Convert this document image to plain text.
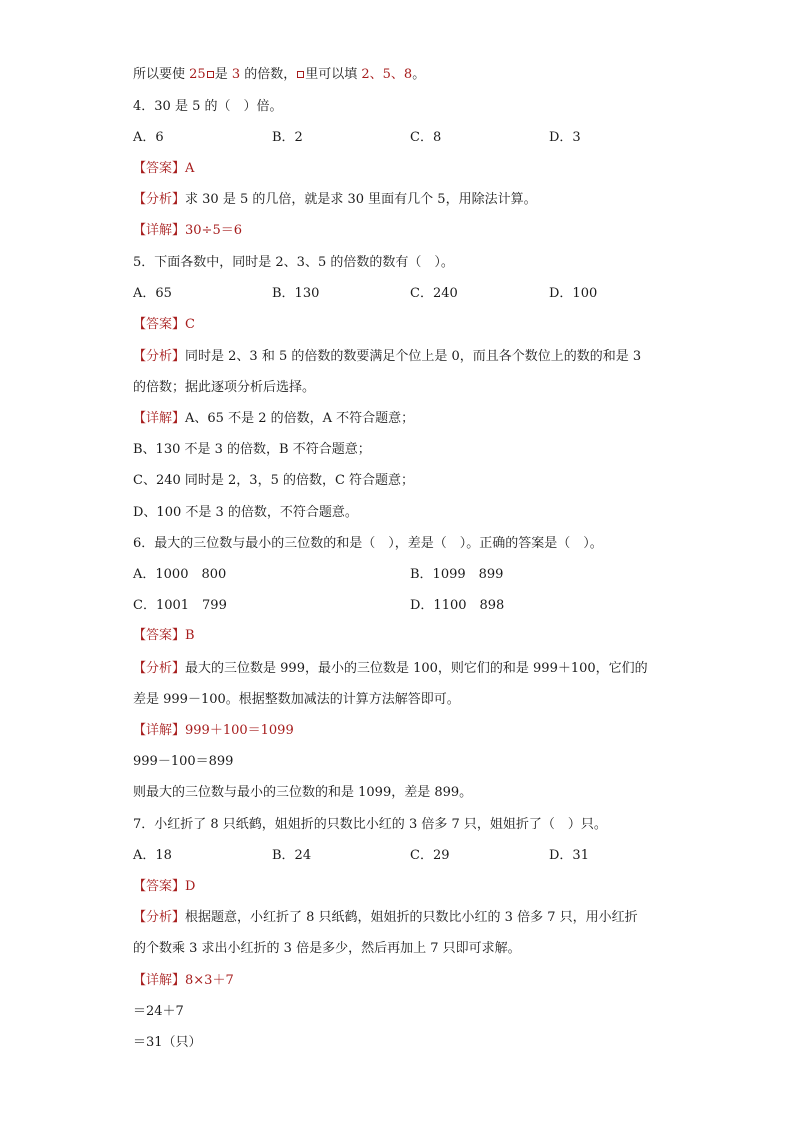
所以要使 25 是 3 的倍数， 里可以填 2、5、8。
4．30 是 5 的（　）倍。
A．6	B．2	C．8	D．3
【答案】A
【分析】求 30 是 5 的几倍，就是求 30 里面有几个 5，用除法计算。
【详解】30÷5＝6
5．下面各数中，同时是 2、3、5 的倍数的数有（　）。
A．65	B．130	C．240	D．100
【答案】C
【分析】同时是 2、3 和 5 的倍数的数要满足个位上是 0，而且各个数位上的数的和是 3
的倍数；据此逐项分析后选择。
【详解】A、65 不是 2 的倍数，A 不符合题意；
B、130 不是 3 的倍数，B 不符合题意；
C、240 同时是 2，3，5 的倍数，C 符合题意；
D、100 不是 3 的倍数，不符合题意。
6．最大的三位数与最小的三位数的和是（　），差是（　）。正确的答案是（　）。
A．1000　800	B．1099　899
C．1001　799	D．1100　898
【答案】B
【分析】最大的三位数是 999，最小的三位数是 100，则它们的和是 999＋100，它们的
差是 999－100。根据整数加减法的计算方法解答即可。
【详解】999＋100＝1099
999－100＝899
则最大的三位数与最小的三位数的和是 1099，差是 899。
7．小红折了 8 只纸鹤，姐姐折的只数比小红的 3 倍多 7 只，姐姐折了（　）只。
A．18	B．24	C．29	D．31
【答案】D
【分析】根据题意，小红折了 8 只纸鹤，姐姐折的只数比小红的 3 倍多 7 只，用小红折
的个数乘 3 求出小红折的 3 倍是多少，然后再加上 7 只即可求解。
【详解】8×3＋7
＝24＋7
＝31（只）
